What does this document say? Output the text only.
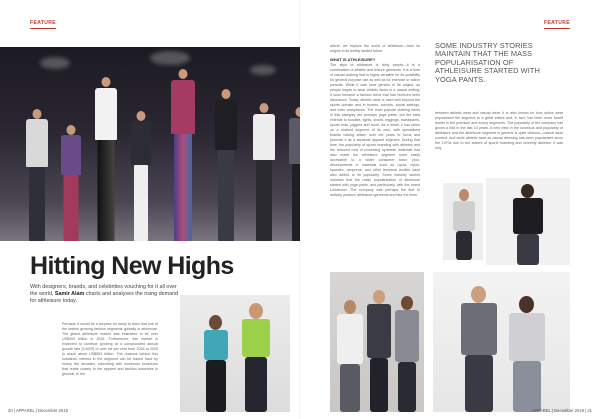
FEATURE
Hitting New Highs

With designers, brands, and celebrities vouching for it all over the world, Samir Alam charts and analyses the rising demand for athleisure today.

Perhaps, it would be a surprise for many to learn that one of the fastest growing fashion segments globally is athleisure. The global athleisure market was estimated to be over US$300 billion in 2018. Furthermore, this market is expected to continue growing at a compounded annual growth rate (CAGR) of over six per cent from 2018 to 2025 to reach about US$553 billion. The reasons behind this sustained interest in the segment can be traced back by nearly five decades, coinciding with numerous evolutions that relate closely to the apparel and fashion industries in general. In the

20 | APPAREL | December 2019
FEATURE
article, we explore the world of athleisure—from its origins to its widely lauded future.
WHAT IS ATHLEISURE?
The style of athleisure is fairly simple—it is a combination of athletic and leisure garments. It is a form of casual clothing that is highly versatile for its suitability for general purpose use as well as for exercise or active pursuits. While it was once generic in its origins, as people began to wear athletic items in a casual setting, it soon became a fashion trend that has received keen discussion. Today, athletic wear is used well beyond the sports domain and in homes, schools, social settings, and even workplaces. The most popular clothing items in this category are perhaps yoga pants, but the area extends to hoodies, tights, shorts, leggings, sweatpants, sports bras, joggers and more. As a result, it has taken on a marked segment of its own, with specialised brands having arisen over the years to focus and promote it as a separate apparel segment. During that time, the popularity of sports branding with athletes and the reduced cost of producing synthetic materials has also made the athleisure segment more easily accessible to a wider consumer base; plus, developments in materials such as Lycra, nylon, spandex, neoprene, and other technical textiles have also added to its popularity. Some industry stories maintain that the mass popularisation of athleisure started with yoga pants, and particularly, with the brand Lululemon. The company was perhaps the first to actively produce athleisure garments and blur the lines
SOME INDUSTRY STORIES MAINTAIN THAT THE MASS POPULARISATION OF ATHLEISURE STARTED WITH YOGA PANTS.

between athletic wear and casual wear. It is also known for how active wear popularised the segment to a great extent and, in fact, has been more heard leader in the premium and luxury segments. The popularity of the company has grown a fold in the last 10 years. A new view in the luxurious and popularity of athleisure and the athleisure segment in general is quite obvious—casual wear comfort. And while athletic wear as casual dressing has been popularised since the 1970s due to the advent of sports branding and celebrity athletes, it was only

APPAREL | December 2019 | 21
